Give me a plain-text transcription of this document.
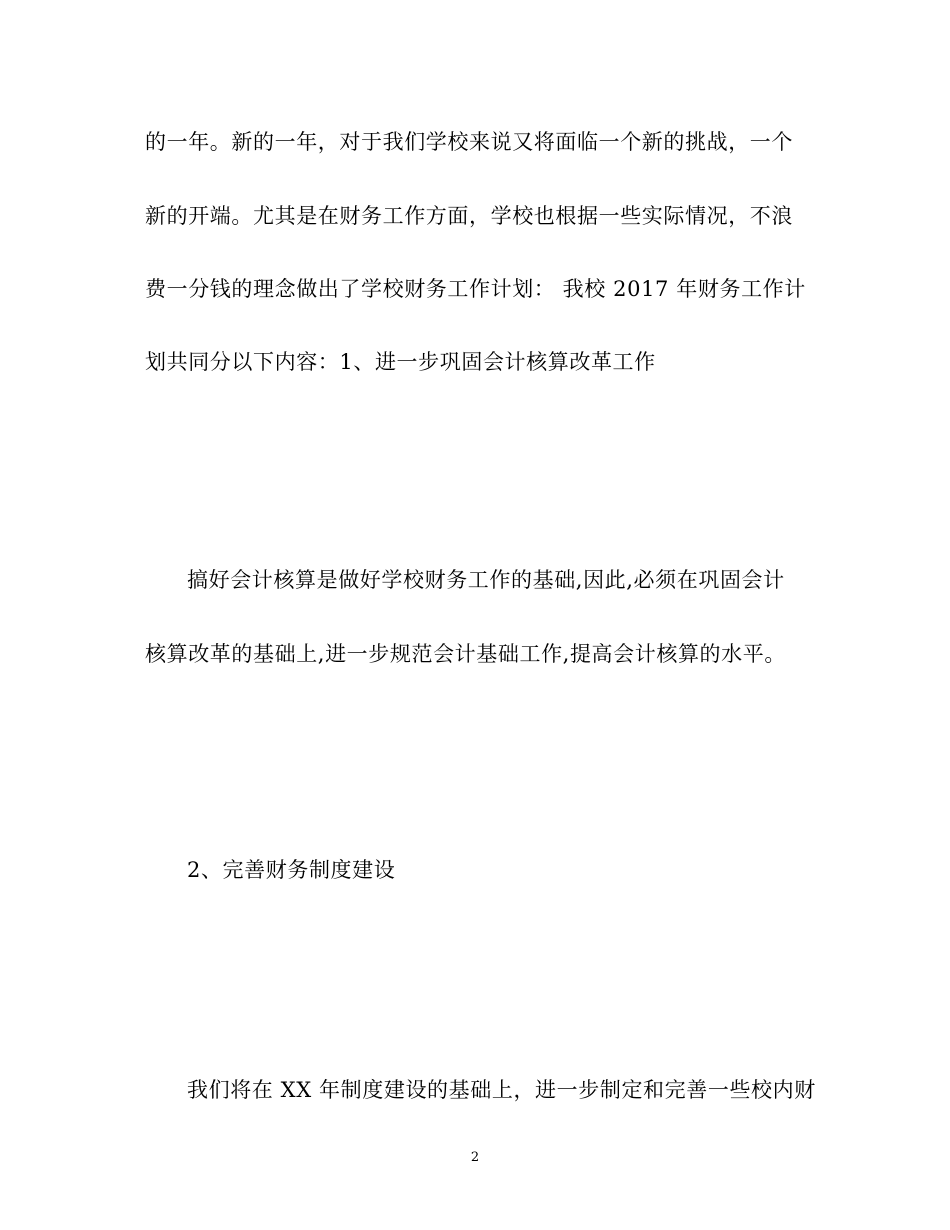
的一年。新的一年，对于我们学校来说又将面临一个新的挑战，一个
新的开端。尤其是在财务工作方面，学校也根据一些实际情况，不浪
费一分钱的理念做出了学校财务工作计划： 我校 2017 年财务工作计
划共同分以下内容：1、进一步巩固会计核算改革工作
搞好会计核算是做好学校财务工作的基础,因此,必须在巩固会计
核算改革的基础上,进一步规范会计基础工作,提高会计核算的水平。
2、完善财务制度建设
我们将在 XX 年制度建设的基础上，进一步制定和完善一些校内财
2
